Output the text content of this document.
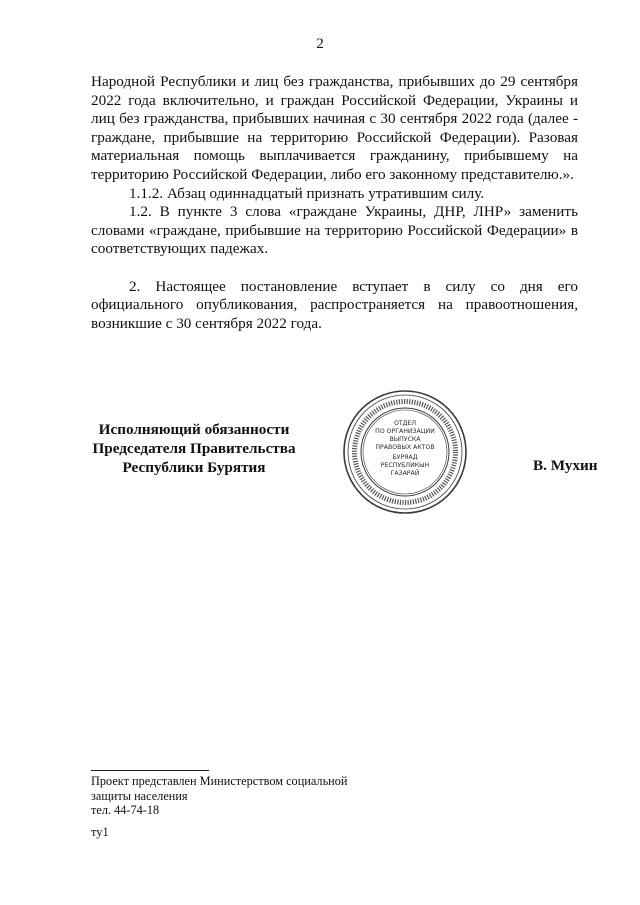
2

Народной Республики и лиц без гражданства, прибывших до 29 сентября 2022 года включительно, и граждан Российской Федерации, Украины и лиц без гражданства, прибывших начиная с 30 сентября 2022 года (далее - граждане, прибывшие на территорию Российской Федерации). Разовая материальная помощь выплачивается гражданину, прибывшему на территорию Российской Федерации, либо его законному представителю.».

1.1.2. Абзац одиннадцатый признать утратившим силу.

1.2. В пункте 3 слова «граждане Украины, ДНР, ЛНР» заменить словами «граждане, прибывшие на территорию Российской Федерации» в соответствующих падежах.

2. Настоящее постановление вступает в силу со дня его официального опубликования, распространяется на правоотношения, возникшие с 30 сентября 2022 года.

Исполняющий обязанности
Председателя Правительства
Республики Бурятия
ОТДЕЛ
ПО ОРГАНИЗАЦИИ
ВЫПУСКА
ПРАВОВЫХ АКТОВ
БУРЯАД
РЕСПУБЛИКЫН
ГАЗАРАЙ	В. Мухин

Проект представлен Министерством социальной

защиты населения

тел. 44-74-18

ту1
